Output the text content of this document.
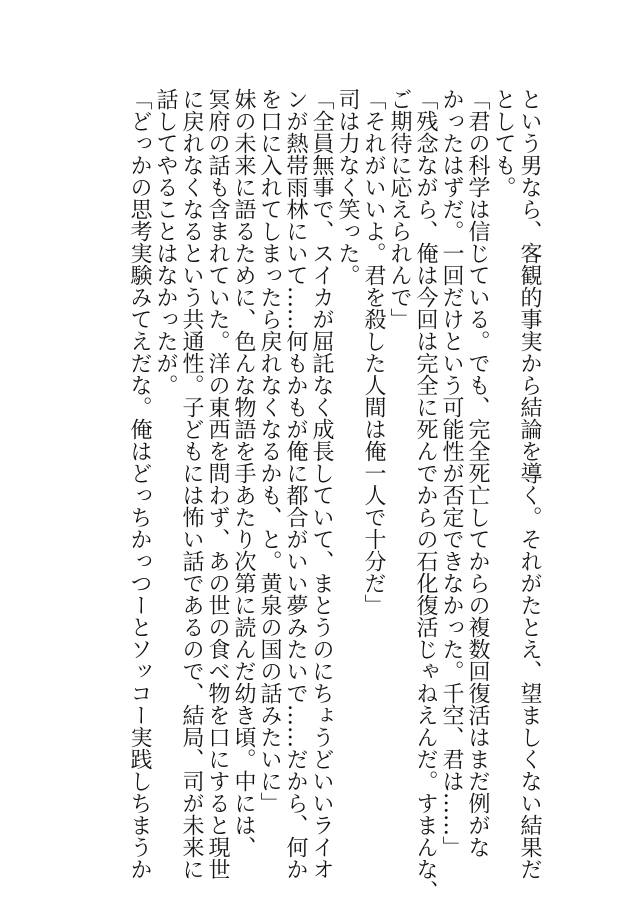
という男なら、客観的事実から結論を導く。それがたとえ、望ましくない結果だ
としても。
「君の科学は信じている。でも、完全死亡してからの複数回復活はまだ例がな
かったはずだ。一回だけという可能性が否定できなかった。千空、君は……」
「残念ながら、俺は今回は完全に死んでからの石化復活じゃねえんだ。すまんな、
ご期待に応えられんで」
「それがいいよ。君を殺した人間は俺一人で十分だ」
司は力なく笑った。
「全員無事で、スイカが屈託なく成長していて、まとうのにちょうどいいライオ
ンが熱帯雨林にいて……何もかもが俺に都合がいい夢みたいで……だから、何か
を口に入れてしまったら戻れなくなるかも、と。黄泉の国の話みたいに」
妹の未来に語るために、色んな物語を手あたり次第に読んだ幼き頃。中には、
冥府の話も含まれていた。洋の東西を問わず、あの世の食べ物を口にすると現世
に戻れなくなるという共通性。子どもには怖い話であるので、結局、司が未来に
話してやることはなかったが。
「どっかの思考実験みてえだな。俺はどっちかっつーとソッコー実践しちまうか
